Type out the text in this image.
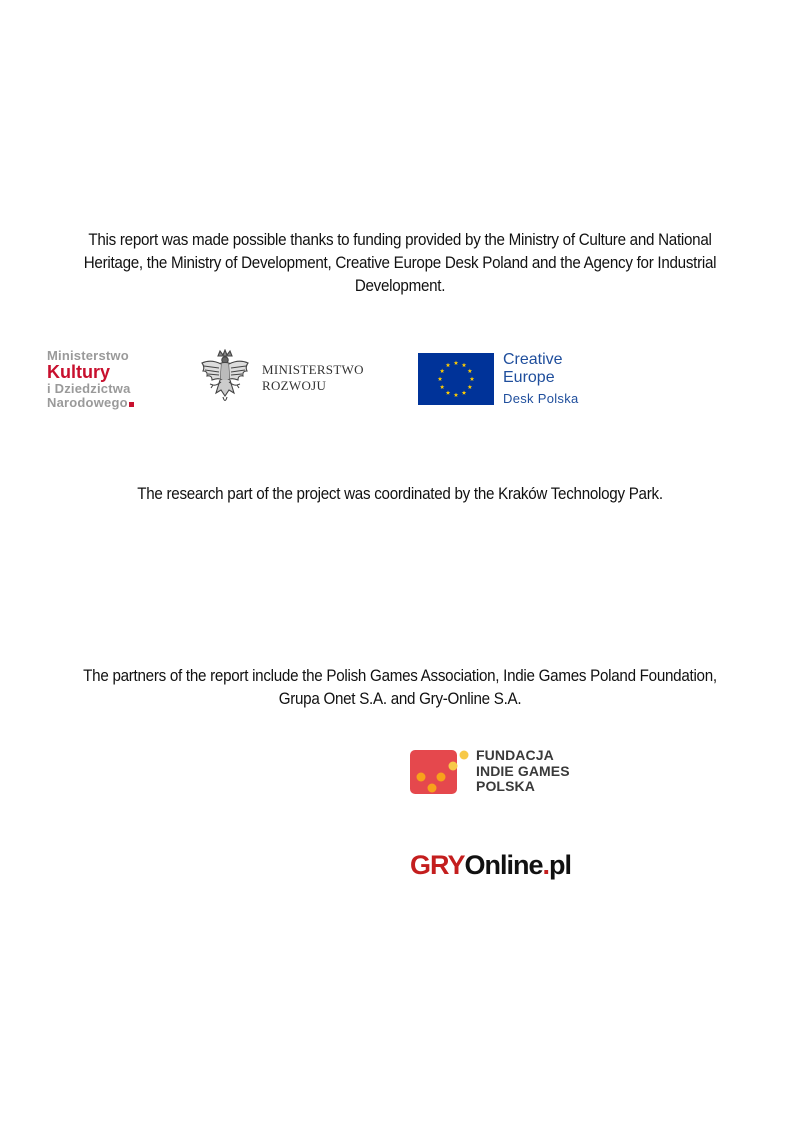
This report was made possible thanks to funding provided by the Ministry of Culture and National Heritage, the Ministry of Development, Creative Europe Desk Poland and the Agency for Industrial Development.

Ministerstwo
Kultury
i Dziedzictwa
Narodowego
MINISTERSTWO
ROZWOJU
Creative
Europe
Desk Polska

The research part of the project was coordinated by the Kraków Technology Park.

The partners of the report include the Polish Games Association, Indie Games Poland Foundation, Grupa Onet S.A. and Gry-Online S.A.

FUNDACJA
INDIE GAMES
POLSKA
GRYOnline.pl
